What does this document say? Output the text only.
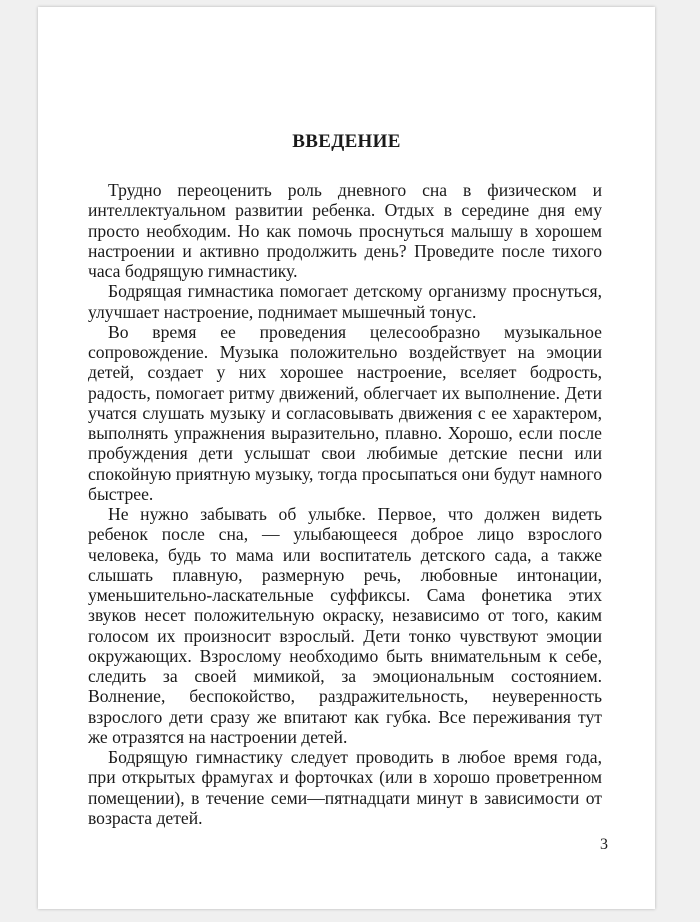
ВВЕДЕНИЕ

Трудно переоценить роль дневного сна в физическом и интеллектуальном развитии ребенка. Отдых в середине дня ему просто необходим. Но как помочь проснуться малышу в хорошем настроении и активно продолжить день? Проведите после тихого часа бодрящую гимнастику.

Бодрящая гимнастика помогает детскому организму проснуться, улучшает настроение, поднимает мышечный тонус.

Во время ее проведения целесообразно музыкальное сопровождение. Музыка положительно воздействует на эмоции детей, создает у них хорошее настроение, вселяет бодрость, радость, помогает ритму движений, облегчает их выполнение. Дети учатся слушать музыку и согласовывать движения с ее характером, выполнять упражнения выразительно, плавно. Хорошо, если после пробуждения дети услышат свои любимые детские песни или спокойную приятную музыку, тогда просыпаться они будут намного быстрее.

Не нужно забывать об улыбке. Первое, что должен видеть ребенок после сна, — улыбающееся доброе лицо взрослого человека, будь то мама или воспитатель детского сада, а также слышать плавную, размерную речь, любовные интонации, уменьшительно-ласкательные суффиксы. Сама фонетика этих звуков несет положительную окраску, независимо от того, каким голосом их произносит взрослый. Дети тонко чувствуют эмоции окружающих. Взрослому необходимо быть внимательным к себе, следить за своей мимикой, за эмоциональным состоянием. Волнение, беспокойство, раздражительность, неуверенность взрослого дети сразу же впитают как губка. Все переживания тут же отразятся на настроении детей.

Бодрящую гимнастику следует проводить в любое время года, при открытых фрамугах и форточках (или в хорошо проветренном помещении), в течение семи—пятнадцати минут в зависимости от возраста детей.

3
